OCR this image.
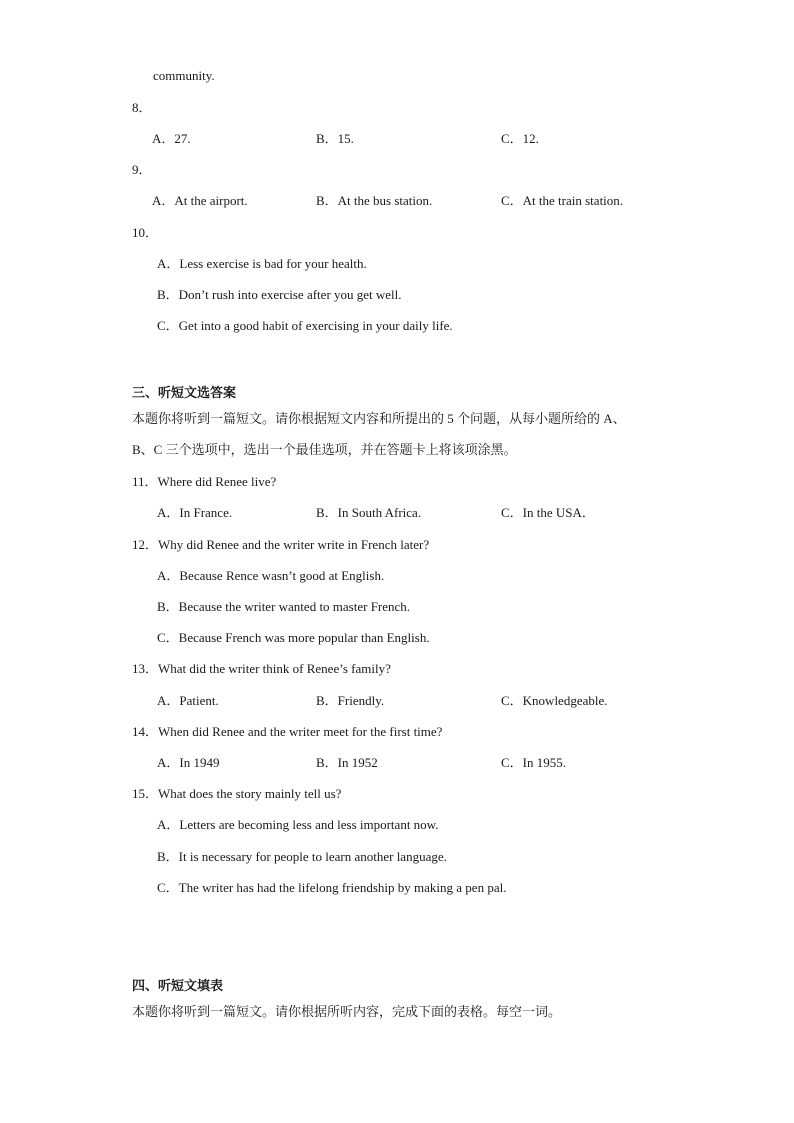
community.
8．
A．27.	B．15.	C．12.
9．
A．At the airport.	B．At the bus station.	C．At the train station.
10．
A．Less exercise is bad for your health.
B．Don’t rush into exercise after you get well.
C．Get into a good habit of exercising in your daily life.
三、听短文选答案
本题你将听到一篇短文。请你根据短文内容和所提出的 5 个问题，从每小题所给的 A、
B、C 三个选项中，选出一个最佳选项，并在答题卡上将该项涂黑。
11．Where did Renee live?
A．In France.	B．In South Africa.	C．In the USA．
12．Why did Renee and the writer write in French later?
A．Because Rence wasn’t good at English.
B．Because the writer wanted to master French.
C．Because French was more popular than English.
13．What did the writer think of Renee’s family?
A．Patient.	B．Friendly.	C．Knowledgeable.
14．When did Renee and the writer meet for the first time?
A．In 1949	B．In 1952	C．In 1955.
15．What does the story mainly tell us?
A．Letters are becoming less and less important now.
B．It is necessary for people to learn another language.
C．The writer has had the lifelong friendship by making a pen pal.
四、听短文填表
本题你将听到一篇短文。请你根据所听内容，完成下面的表格。每空一词。
